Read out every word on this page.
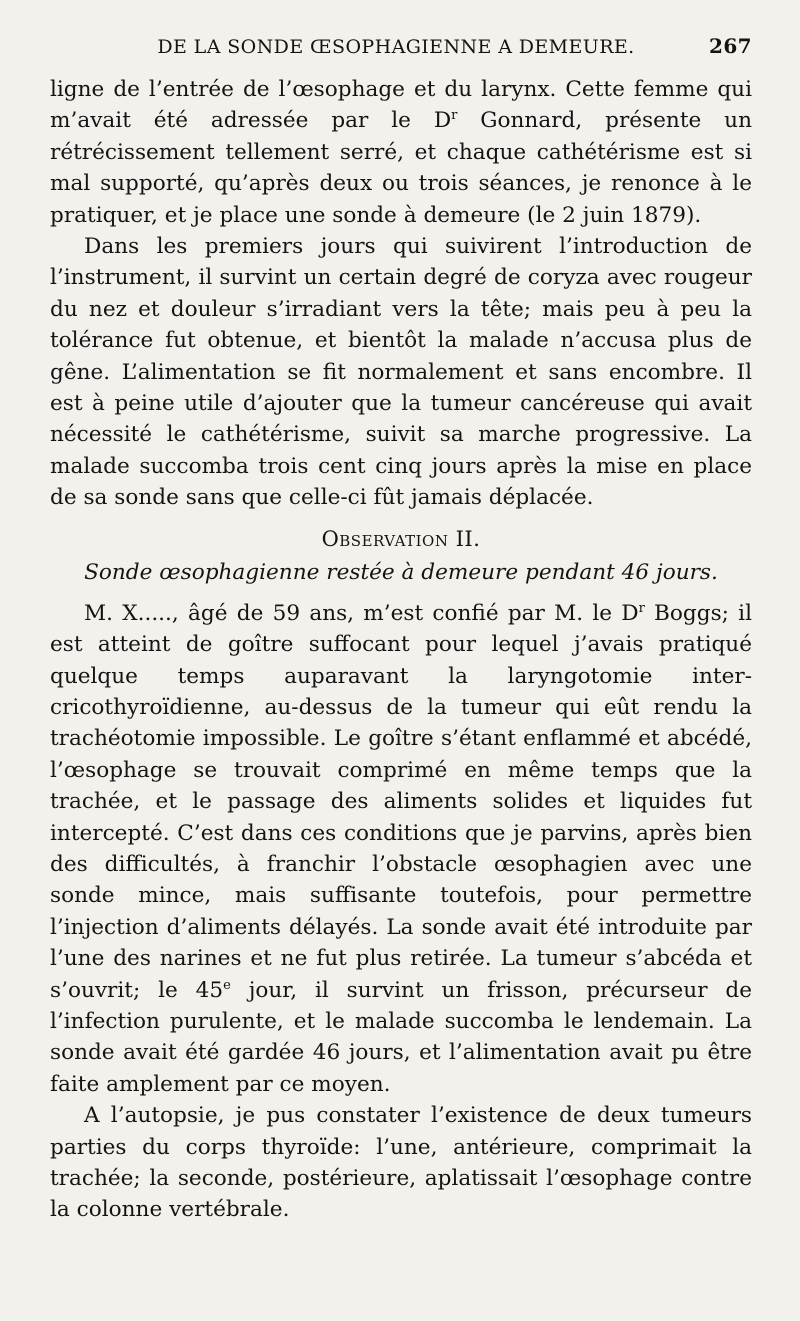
DE LA SONDE ŒSOPHAGIENNE A DEMEURE.	267

ligne de l’entrée de l’œsophage et du larynx. Cette femme qui m’avait été adressée par le $D^r$ Gonnard, présente un rétrécissement tellement serré, et chaque cathétérisme est si mal supporté, qu’après deux ou trois séances, je renonce à le pratiquer, et je place une sonde à demeure (le 2 juin 1879).

Dans les premiers jours qui suivirent l’introduction de l’instrument, il survint un certain degré de coryza avec rougeur du nez et douleur s’irradiant vers la tête; mais peu à peu la tolérance fut obtenue, et bientôt la malade n’accusa plus de gêne. L’alimentation se fit normalement et sans encombre. Il est à peine utile d’ajouter que la tumeur cancéreuse qui avait nécessité le cathétérisme, suivit sa marche progressive. La malade succomba trois cent cinq jours après la mise en place de sa sonde sans que celle-ci fût jamais déplacée.

Observation II.
Sonde œsophagienne restée à demeure pendant 46 jours.

M. X....., âgé de 59 ans, m’est confié par M. le $D^r$ Boggs; il est atteint de goître suffocant pour lequel j’avais pratiqué quelque temps auparavant la laryngotomie inter-cricothyroïdienne, au-dessus de la tumeur qui eût rendu la trachéotomie impossible. Le goître s’étant enflammé et abcédé, l’œsophage se trouvait comprimé en même temps que la trachée, et le passage des aliments solides et liquides fut intercepté. C’est dans ces conditions que je parvins, après bien des difficultés, à franchir l’obstacle œsophagien avec une sonde mince, mais suffisante toutefois, pour permettre l’injection d’aliments délayés. La sonde avait été introduite par l’une des narines et ne fut plus retirée. La tumeur s’abcéda et s’ouvrit; le 45e jour, il survint un frisson, précurseur de l’infection purulente, et le malade succomba le lendemain. La sonde avait été gardée 46 jours, et l’alimentation avait pu être faite amplement par ce moyen.

A l’autopsie, je pus constater l’existence de deux tumeurs parties du corps thyroïde: l’une, antérieure, comprimait la trachée; la seconde, postérieure, aplatissait l’œsophage contre la colonne vertébrale.
